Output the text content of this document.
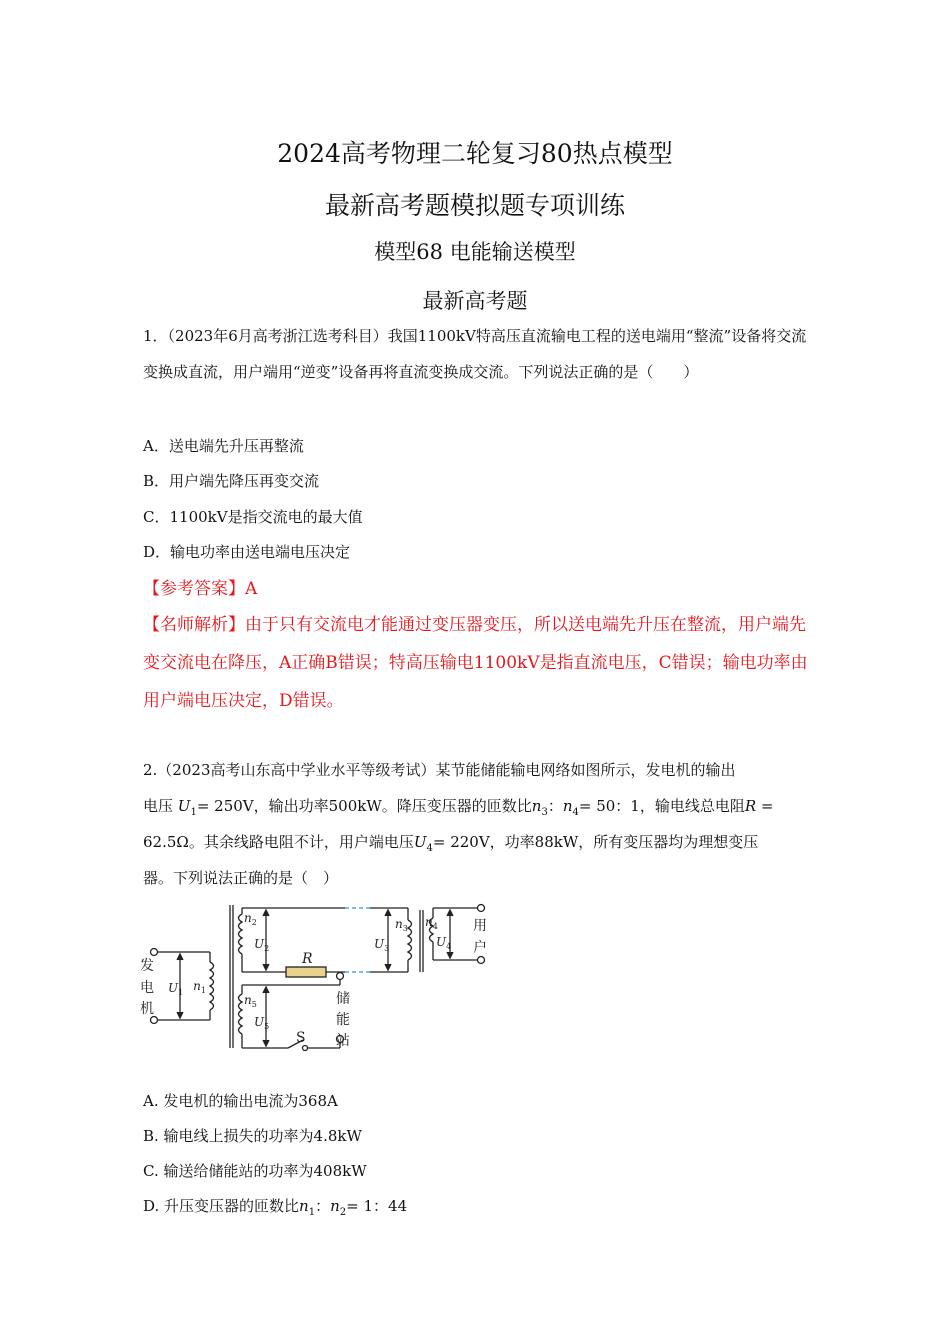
2024高考物理二轮复习80热点模型
最新高考题模拟题专项训练
模型68 电能输送模型
最新高考题
1．（2023年6月高考浙江选考科目）我国1100kV特高压直流输电工程的送电端用“整流”设备将交流变换成直流，用户端用“逆变”设备再将直流变换成交流。下列说法正确的是（　　）
A．送电端先升压再整流
B．用户端先降压再变交流
C．1100kV是指交流电的最大值
D．输电功率由送电端电压决定
【参考答案】A
【名师解析】由于只有交流电才能通过变压器变压，所以送电端先升压在整流，用户端先变交流电在降压，A正确B错误；特高压输电1100kV是指直流电压，C错误；输电功率由用户端电压决定，D错误。
2.（2023高考山东高中学业水平等级考试）某节能储能输电网络如图所示，发电机的输出
电压 $U_1= 250V$，输出功率500kW。降压变压器的匝数比$n_3$：$n_4= 50$：1，输电线总电阻R =
62.5Ω。其余线路电阻不计，用户端电压$U_4= 220V$，功率88kW，所有变压器均为理想变压
器。下列说法正确的是（　）
发
电
机
用
户
储
能
站
R
S
$U_1$ $n_1$
$n_2$
$U_2$
$n_5$
$U_5$
$U_3$
$n_3$ $n_4$
$U_4$
A. 发电机的输出电流为368A
B. 输电线上损失的功率为4.8kW
C. 输送给储能站的功率为408kW
D. 升压变压器的匝数比$n_1$：$n_2= 1$：44
